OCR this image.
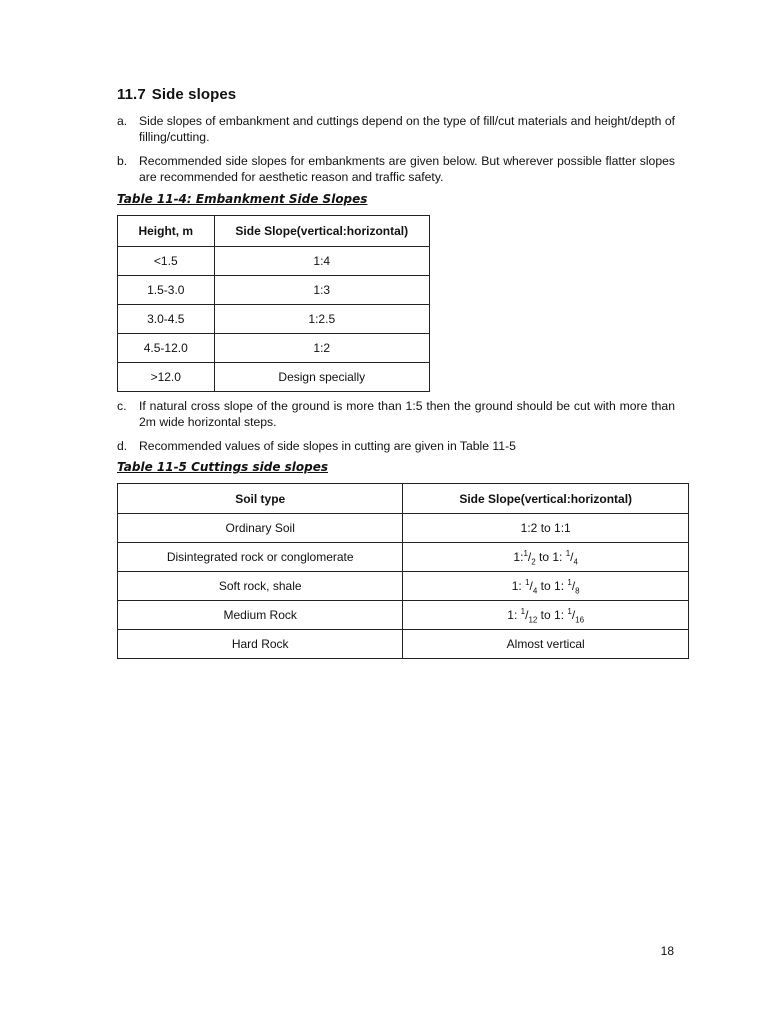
11.7 Side slopes

a. Side slopes of embankment and cuttings depend on the type of fill/cut materials and height/depth of filling/cutting.

b. Recommended side slopes for embankments are given below. But wherever possible flatter slopes are recommended for aesthetic reason and traffic safety.

Table 11-4: Embankment Side Slopes

Height, m	Side Slope(vertical:horizontal)
<1.5	1:4
1.5-3.0	1:3
3.0-4.5	1:2.5
4.5-12.0	1:2
>12.0	Design specially

c.	If natural cross slope of the ground is more than 1:5 then the ground should be cut with more than 2m wide horizontal steps.

d. Recommended values of side slopes in cutting are given in Table 11-5

Table 11-5 Cuttings side slopes

Soil type	Side Slope(vertical:horizontal)
Ordinary Soil	1:2 to 1:1
Disintegrated rock or conglomerate	$1:^1/_2$ to 1: $^1/_4$
Soft rock, shale	1: $^1/_4$ to 1: $^1/_8$
Medium Rock	1: $^1/_{12}$ to 1: $^1/_{16}$
Hard Rock	Almost vertical

18
